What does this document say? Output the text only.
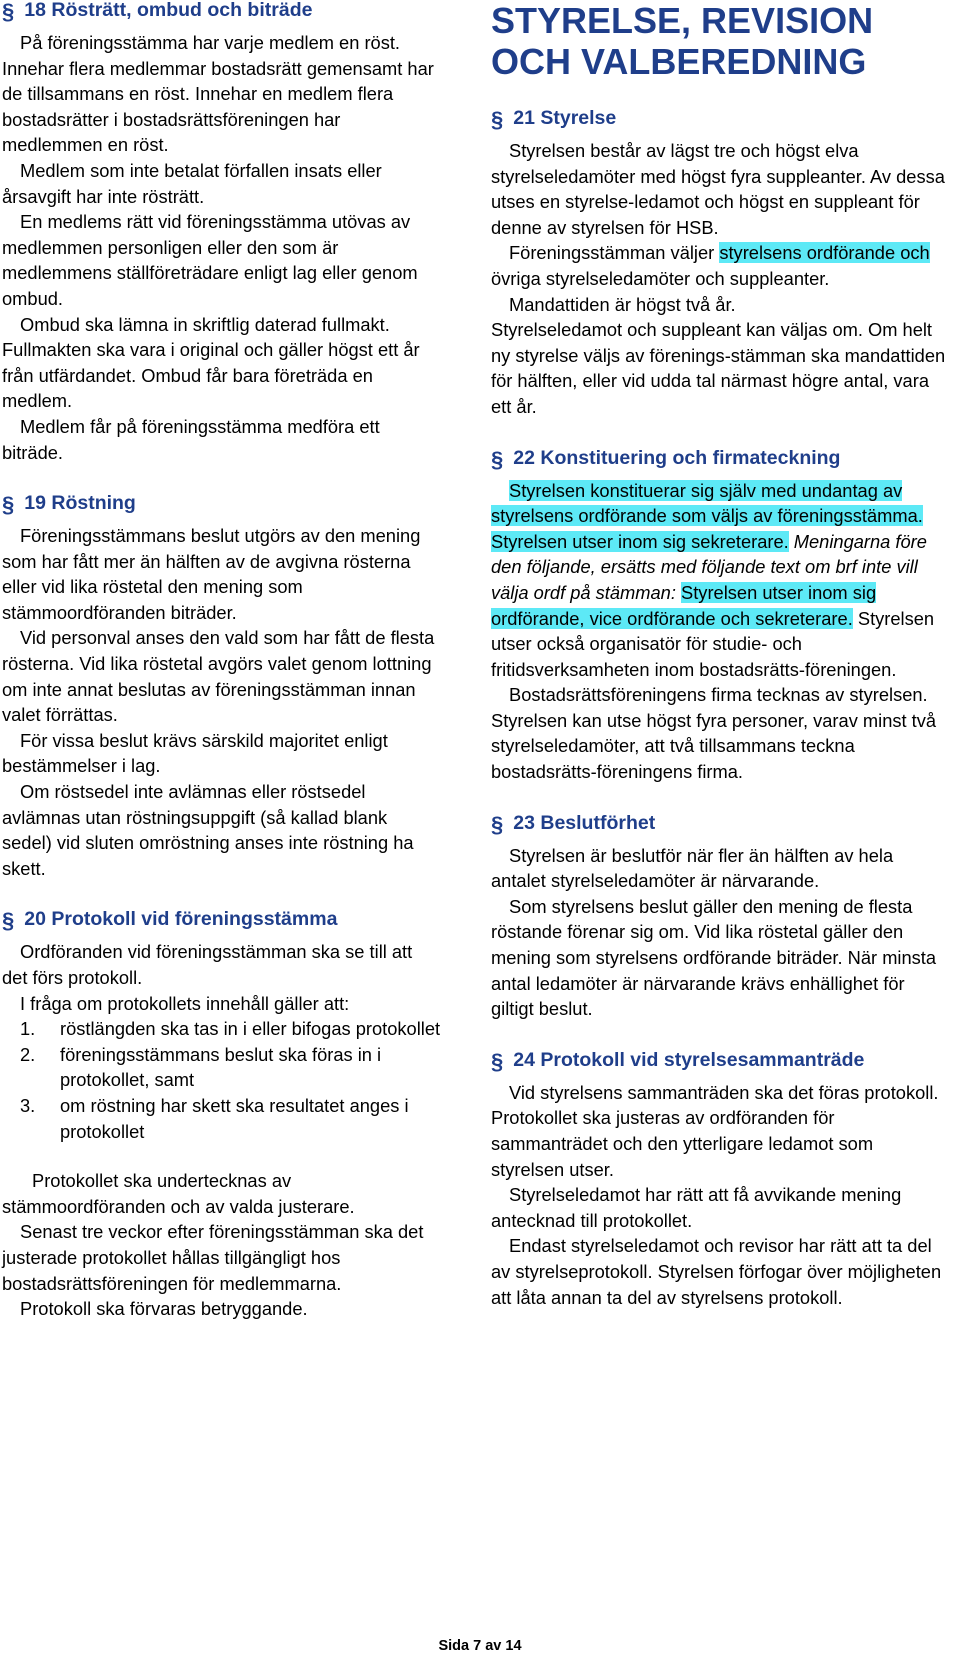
§ 18 Rösträtt, ombud och biträde

På föreningsstämma har varje medlem en röst. Innehar flera medlemmar bostadsrätt gemensamt har de tillsammans en röst. Innehar en medlem flera bostadsrätter i bostadsrättsföreningen har medlemmen en röst.

Medlem som inte betalat förfallen insats eller årsavgift har inte rösträtt.

En medlems rätt vid föreningsstämma utövas av medlemmen personligen eller den som är medlemmens ställföreträdare enligt lag eller genom ombud.

Ombud ska lämna in skriftlig daterad fullmakt. Fullmakten ska vara i original och gäller högst ett år från utfärdandet. Ombud får bara företräda en medlem.

Medlem får på föreningsstämma medföra ett biträde.

§ 19 Röstning

Föreningsstämmans beslut utgörs av den mening som har fått mer än hälften av de avgivna rösterna eller vid lika röstetal den mening som stämmoordföranden biträder.

Vid personval anses den vald som har fått de flesta rösterna. Vid lika röstetal avgörs valet genom lottning om inte annat beslutas av föreningsstämman innan valet förrättas.

För vissa beslut krävs särskild majoritet enligt bestämmelser i lag.

Om röstsedel inte avlämnas eller röstsedel avlämnas utan röstningsuppgift (så kallad blank sedel) vid sluten omröstning anses inte röstning ha skett.

§ 20 Protokoll vid föreningsstämma

Ordföranden vid föreningsstämman ska se till att det förs protokoll.

I fråga om protokollets innehåll gäller att:

1.	röstlängden ska tas in i eller bifogas protokollet
2.	föreningsstämmans beslut ska föras in i protokollet, samt
3.	om röstning har skett ska resultatet anges i protokollet

Protokollet ska undertecknas av stämmoordföranden och av valda justerare.

Senast tre veckor efter föreningsstämman ska det justerade protokollet hållas tillgängligt hos bostadsrättsföreningen för medlemmarna.

Protokoll ska förvaras betryggande.

STYRELSE, REVISION OCH VALBEREDNING
§ 21 Styrelse

Styrelsen består av lägst tre och högst elva styrelseledamöter med högst fyra suppleanter. Av dessa utses en styrelse-ledamot och högst en suppleant för denne av styrelsen för HSB.

Föreningsstämman väljer styrelsens ordförande och övriga styrelseledamöter och suppleanter.

Mandattiden är högst två år.

Styrelseledamot och suppleant kan väljas om. Om helt ny styrelse väljs av förenings-stämman ska mandattiden för hälften, eller vid udda tal närmast högre antal, vara ett år.

§ 22 Konstituering och firmateckning

Styrelsen konstituerar sig själv med undantag av styrelsens ordförande som väljs av föreningsstämma. Styrelsen utser inom sig sekreterare. Meningarna före den följande, ersätts med följande text om brf inte vill välja ordf på stämman: Styrelsen utser inom sig ordförande, vice ordförande och sekreterare. Styrelsen utser också organisatör för studie- och fritidsverksamheten inom bostadsrätts-föreningen.

Bostadsrättsföreningens firma tecknas av styrelsen. Styrelsen kan utse högst fyra personer, varav minst två styrelseledamöter, att två tillsammans teckna bostadsrätts-föreningens firma.

§ 23 Beslutförhet

Styrelsen är beslutför när fler än hälften av hela antalet styrelseledamöter är närvarande.

Som styrelsens beslut gäller den mening de flesta röstande förenar sig om. Vid lika röstetal gäller den mening som styrelsens ordförande biträder. När minsta antal ledamöter är närvarande krävs enhällighet för giltigt beslut.

§ 24 Protokoll vid styrelsesammanträde

Vid styrelsens sammanträden ska det föras protokoll. Protokollet ska justeras av ordföranden för sammanträdet och den ytterligare ledamot som styrelsen utser.

Styrelseledamot har rätt att få avvikande mening antecknad till protokollet.

Endast styrelseledamot och revisor har rätt att ta del av styrelseprotokoll. Styrelsen förfogar över möjligheten att låta annan ta del av styrelsens protokoll.

Sida 7 av 14
